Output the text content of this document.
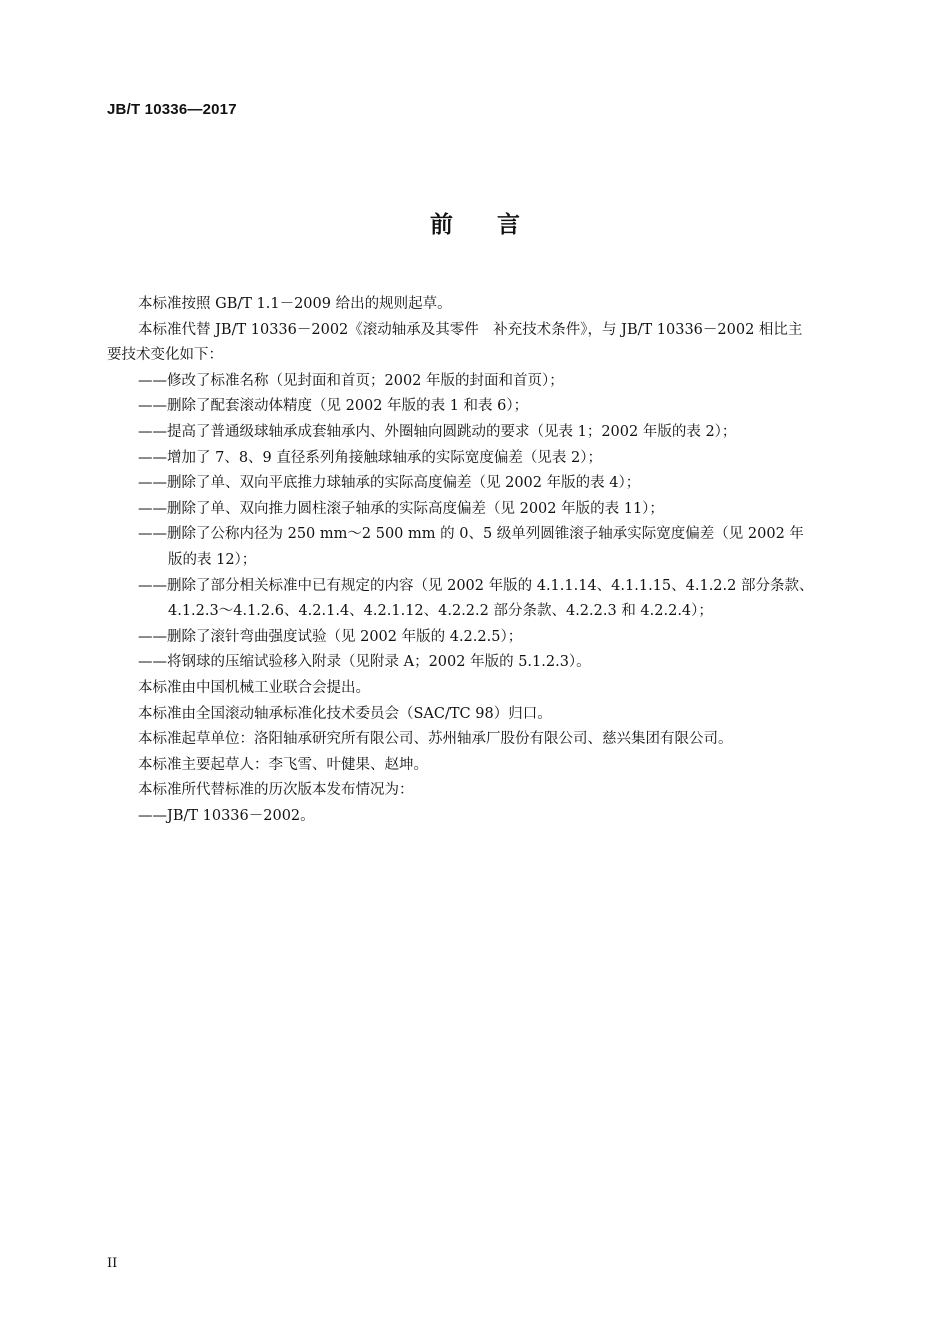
JB/T 10336—2017
前 言

本标准按照 GB/T 1.1－2009 给出的规则起草。

本标准代替 JB/T 10336－2002《滚动轴承及其零件　补充技术条件》，与 JB/T 10336－2002 相比主

要技术变化如下：

——修改了标准名称（见封面和首页；2002 年版的封面和首页）；
——删除了配套滚动体精度（见 2002 年版的表 1 和表 6）；
——提高了普通级球轴承成套轴承内、外圈轴向圆跳动的要求（见表 1；2002 年版的表 2）；
——增加了 7、8、9 直径系列角接触球轴承的实际宽度偏差（见表 2）；
——删除了单、双向平底推力球轴承的实际高度偏差（见 2002 年版的表 4）；
——删除了单、双向推力圆柱滚子轴承的实际高度偏差（见 2002 年版的表 11）；
——删除了公称内径为 250 mm～2 500 mm 的 0、5 级单列圆锥滚子轴承实际宽度偏差（见 2002 年
版的表 12）；
——删除了部分相关标准中已有规定的内容（见 2002 年版的 4.1.1.14、4.1.1.15、4.1.2.2 部分条款、
4.1.2.3～4.1.2.6、4.2.1.4、4.2.1.12、4.2.2.2 部分条款、4.2.2.3 和 4.2.2.4）；
——删除了滚针弯曲强度试验（见 2002 年版的 4.2.2.5）；
——将钢球的压缩试验移入附录（见附录 A；2002 年版的 5.1.2.3）。

本标准由中国机械工业联合会提出。

本标准由全国滚动轴承标准化技术委员会（SAC/TC 98）归口。

本标准起草单位：洛阳轴承研究所有限公司、苏州轴承厂股份有限公司、慈兴集团有限公司。

本标准主要起草人：李飞雪、叶健果、赵坤。

本标准所代替标准的历次版本发布情况为：

——JB/T 10336－2002。

II
